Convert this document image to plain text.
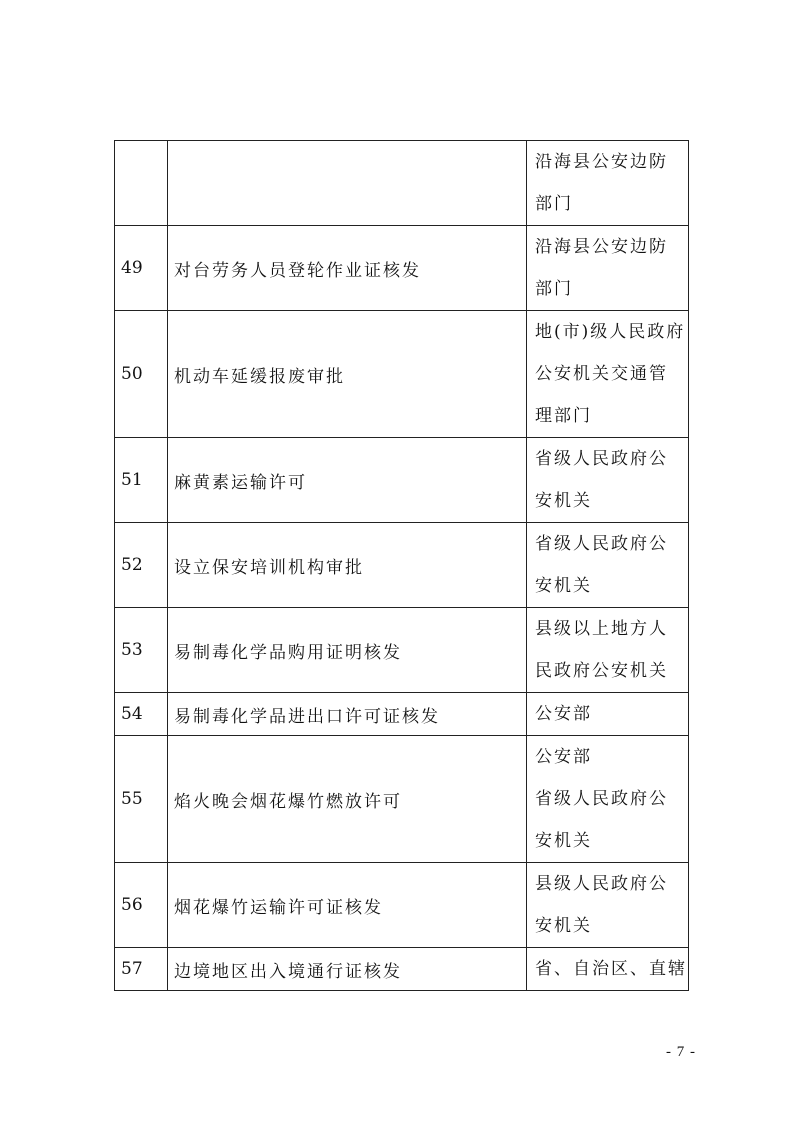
		沿海县公安边防
部门

49	对台劳务人员登轮作业证核发	沿海县公安边防
部门

50	机动车延缓报废审批	地(市)级人民政府
公安机关交通管
理部门

51	麻黄素运输许可	省级人民政府公
安机关

52	设立保安培训机构审批	省级人民政府公
安机关

53	易制毒化学品购用证明核发	县级以上地方人
民政府公安机关

54	易制毒化学品进出口许可证核发	公安部

55	焰火晚会烟花爆竹燃放许可	公安部
省级人民政府公
安机关

56	烟花爆竹运输许可证核发	县级人民政府公
安机关

57	边境地区出入境通行证核发	省、自治区、直辖
- 7 -
